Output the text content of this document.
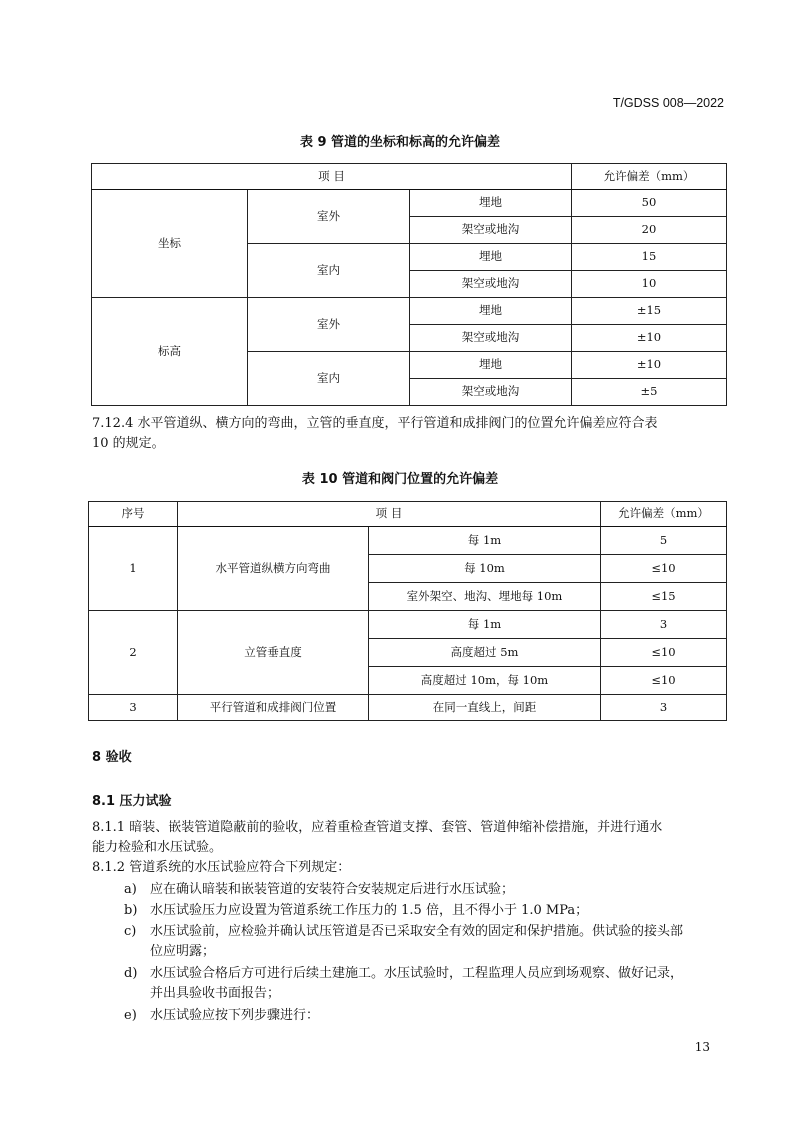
T/GDSS 008—2022
表 9 管道的坐标和标高的允许偏差
项 目			允许偏差（mm）
坐标	室外	埋地	50
		架空或地沟	20
	室内	埋地	15
		架空或地沟	10
标高	室外	埋地	±15
		架空或地沟	±10
	室内	埋地	±10
		架空或地沟	±5
7.12.4 水平管道纵、横方向的弯曲，立管的垂直度，平行管道和成排阀门的位置允许偏差应符合表
10 的规定。
表 10 管道和阀门位置的允许偏差
序号	项 目		允许偏差（mm）
1	水平管道纵横方向弯曲	每 1m	5
		每 10m	≤10
		室外架空、地沟、埋地每 10m	≤15
2	立管垂直度	每 1m	3
		高度超过 5m	≤10
		高度超过 10m，每 10m	≤10
3	平行管道和成排阀门位置	在同一直线上，间距	3
8 验收
8.1 压力试验
8.1.1 暗装、嵌装管道隐蔽前的验收，应着重检查管道支撑、套管、管道伸缩补偿措施，并进行通水
能力检验和水压试验。
8.1.2 管道系统的水压试验应符合下列规定：
a) 应在确认暗装和嵌装管道的安装符合安装规定后进行水压试验；
b) 水压试验压力应设置为管道系统工作压力的 1.5 倍，且不得小于 1.0 MPa；
c) 水压试验前，应检验并确认试压管道是否已采取安全有效的固定和保护措施。供试验的接头部
位应明露；
d) 水压试验合格后方可进行后续土建施工。水压试验时，工程监理人员应到场观察、做好记录，
并出具验收书面报告；
e) 水压试验应按下列步骤进行：
13
